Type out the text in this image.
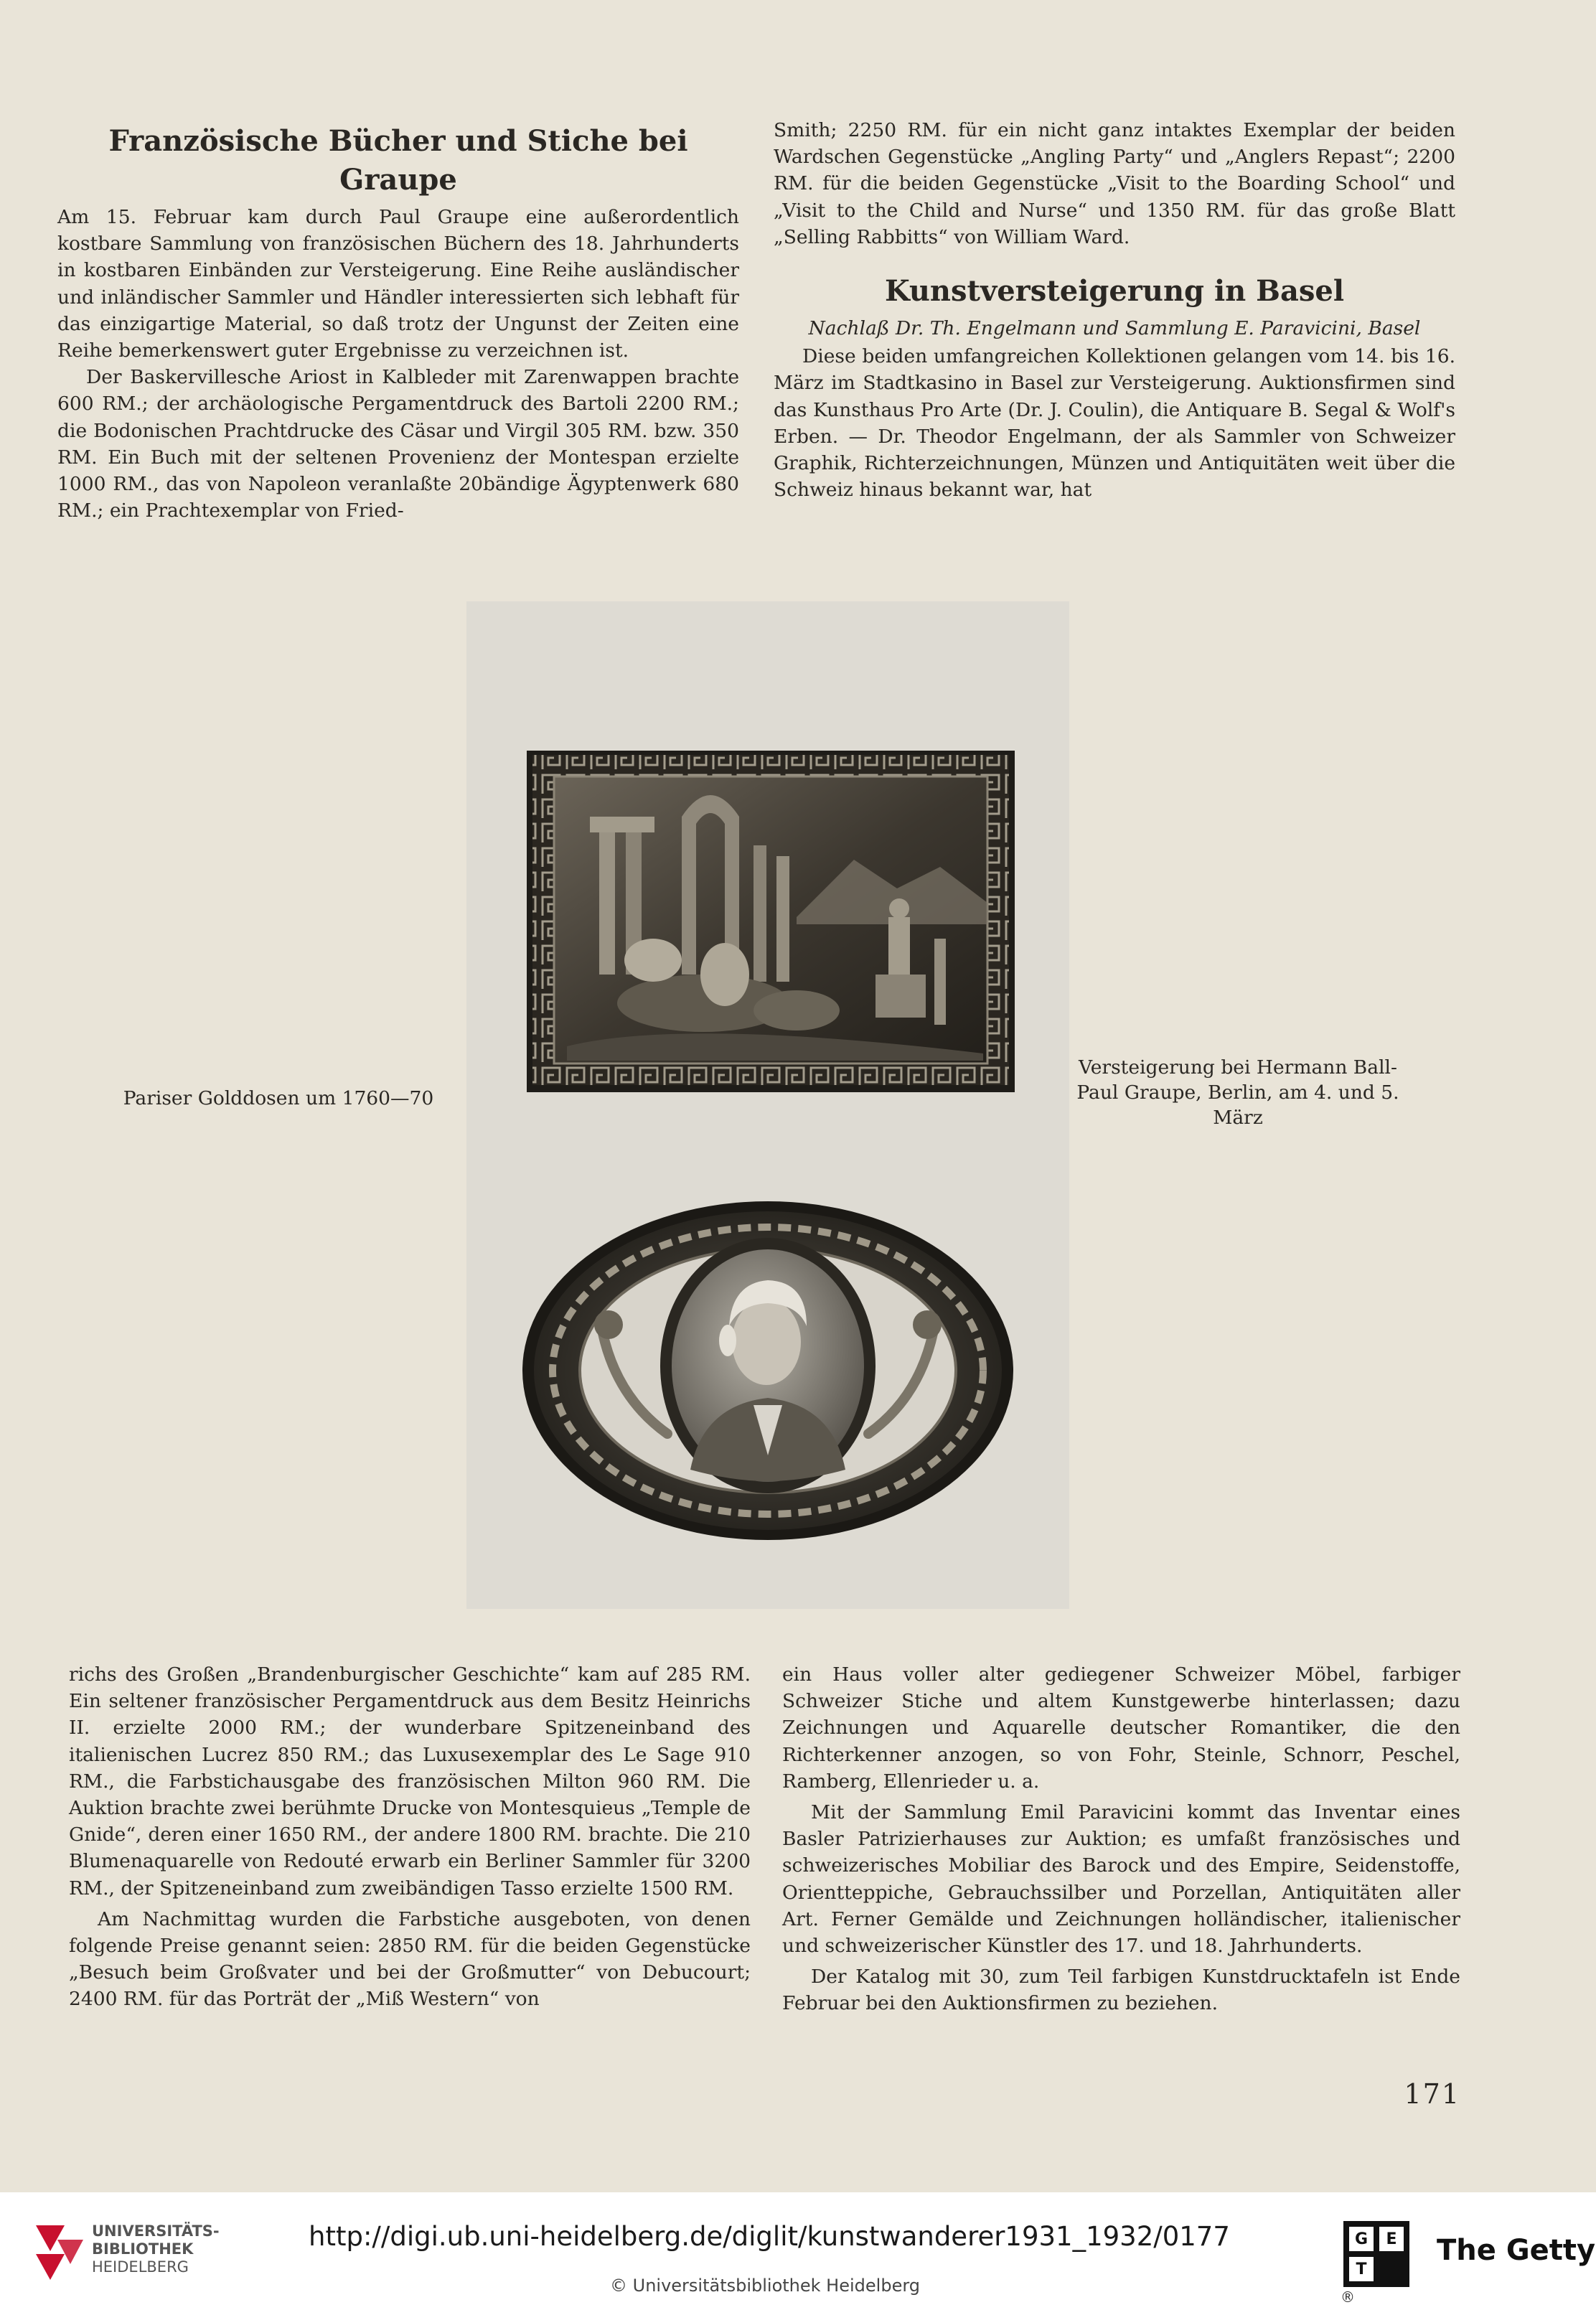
Französische Bücher und Stiche bei Graupe

Am 15. Februar kam durch Paul Graupe eine außerordentlich kostbare Sammlung von französischen Büchern des 18. Jahrhunderts in kostbaren Einbänden zur Versteigerung. Eine Reihe ausländischer und inländischer Sammler und Händler interessierten sich lebhaft für das einzigartige Material, so daß trotz der Ungunst der Zeiten eine Reihe bemerkenswert guter Ergebnisse zu verzeichnen ist.

Der Baskervillesche Ariost in Kalbleder mit Zarenwappen brachte 600 RM.; der archäologische Pergamentdruck des Bartoli 2200 RM.; die Bodonischen Prachtdrucke des Cäsar und Virgil 305 RM. bzw. 350 RM. Ein Buch mit der seltenen Provenienz der Montespan erzielte 1000 RM., das von Napoleon veranlaßte 20bändige Ägyptenwerk 680 RM.; ein Prachtexemplar von Fried-

Smith; 2250 RM. für ein nicht ganz intaktes Exemplar der beiden Wardschen Gegenstücke „Angling Party“ und „Anglers Repast“; 2200 RM. für die beiden Gegenstücke „Visit to the Boarding School“ und „Visit to the Child and Nurse“ und 1350 RM. für das große Blatt „Selling Rabbitts“ von William Ward.

Kunstversteigerung in Basel

Nachlaß Dr. Th. Engelmann und Sammlung E. Paravicini, Basel

Diese beiden umfangreichen Kollektionen gelangen vom 14. bis 16. März im Stadtkasino in Basel zur Versteigerung. Auktionsfirmen sind das Kunsthaus Pro Arte (Dr. J. Coulin), die Antiquare B. Segal & Wolf's Erben. — Dr. Theodor Engelmann, der als Sammler von Schweizer Graphik, Richterzeichnungen, Münzen und Antiquitäten weit über die Schweiz hinaus bekannt war, hat

Pariser Golddosen um 1760—70
Versteigerung bei Hermann Ball-Paul Graupe, Berlin, am 4. und 5. März

richs des Großen „Brandenburgischer Geschichte“ kam auf 285 RM. Ein seltener französischer Pergamentdruck aus dem Besitz Heinrichs II. erzielte 2000 RM.; der wunderbare Spitzeneinband des italienischen Lucrez 850 RM.; das Luxusexemplar des Le Sage 910 RM., die Farbstichausgabe des französischen Milton 960 RM. Die Auktion brachte zwei berühmte Drucke von Montesquieus „Temple de Gnide“, deren einer 1650 RM., der andere 1800 RM. brachte. Die 210 Blumenaquarelle von Redouté erwarb ein Berliner Sammler für 3200 RM., der Spitzeneinband zum zweibändigen Tasso erzielte 1500 RM.

Am Nachmittag wurden die Farbstiche ausgeboten, von denen folgende Preise genannt seien: 2850 RM. für die beiden Gegenstücke „Besuch beim Großvater und bei der Großmutter“ von Debucourt; 2400 RM. für das Porträt der „Miß Western“ von

ein Haus voller alter gediegener Schweizer Möbel, farbiger Schweizer Stiche und altem Kunstgewerbe hinterlassen; dazu Zeichnungen und Aquarelle deutscher Romantiker, die den Richterkenner anzogen, so von Fohr, Steinle, Schnorr, Peschel, Ramberg, Ellenrieder u. a.

Mit der Sammlung Emil Paravicini kommt das Inventar eines Basler Patrizierhauses zur Auktion; es umfaßt französisches und schweizerisches Mobiliar des Barock und des Empire, Seidenstoffe, Orientteppiche, Gebrauchssilber und Porzellan, Antiquitäten aller Art. Ferner Gemälde und Zeichnungen holländischer, italienischer und schweizerischer Künstler des 17. und 18. Jahrhunderts.

Der Katalog mit 30, zum Teil farbigen Kunstdrucktafeln ist Ende Februar bei den Auktionsfirmen zu beziehen.

171
UNIVERSITÄTS-
BIBLIOTHEK
HEIDELBERG
http://digi.ub.uni-heidelberg.de/diglit/kunstwanderer1931_1932/0177
© Universitätsbibliothek Heidelberg
G E
T
The Getty
®
